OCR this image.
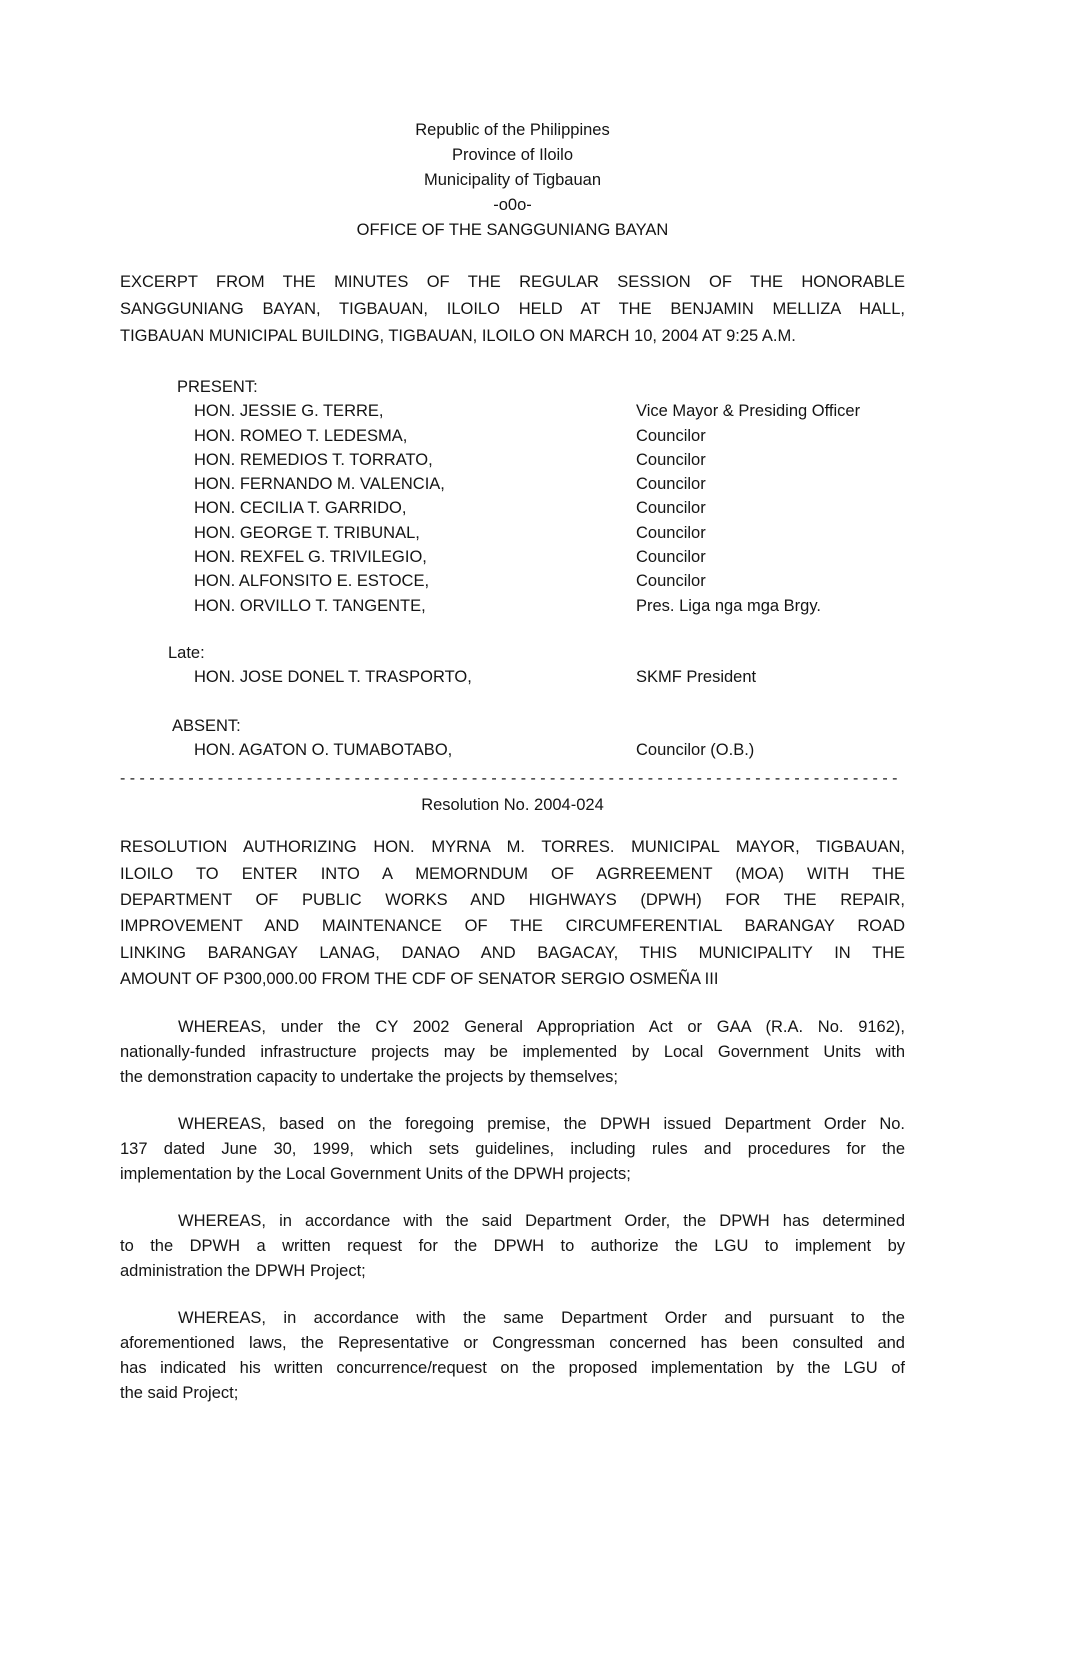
Republic of the Philippines
Province of Iloilo
Municipality of Tigbauan
-o0o-
OFFICE OF THE SANGGUNIANG BAYAN

EXCERPT FROM THE MINUTES OF THE REGULAR SESSION OF THE HONORABLE
SANGGUNIANG BAYAN, TIGBAUAN, ILOILO HELD AT THE BENJAMIN MELLIZA HALL,
TIGBAUAN MUNICIPAL BUILDING, TIGBAUAN, ILOILO ON MARCH 10, 2004 AT 9:25 A.M.

PRESENT:
HON. JESSIE G. TERRE,	Vice Mayor & Presiding Officer
HON. ROMEO T. LEDESMA,	Councilor
HON. REMEDIOS T. TORRATO,	Councilor
HON. FERNANDO M. VALENCIA,	Councilor
HON. CECILIA T. GARRIDO,	Councilor
HON. GEORGE T. TRIBUNAL,	Councilor
HON. REXFEL G. TRIVILEGIO,	Councilor
HON. ALFONSITO E. ESTOCE,	Councilor
HON. ORVILLO T. TANGENTE,	Pres. Liga nga mga Brgy.
Late:
HON. JOSE DONEL T. TRASPORTO,	SKMF President
ABSENT:
HON. AGATON O. TUMABOTABO,	Councilor (O.B.)
- - - - - - - - - - - - - - - - - - - - - - - - - - - - - - - - - - - - - - - - - - - - - - - - - - - - - - - - - - - - - - - - - - - - - - - - - - - - - - - -
Resolution No. 2004-024

RESOLUTION AUTHORIZING HON. MYRNA M. TORRES. MUNICIPAL MAYOR, TIGBAUAN,
ILOILO TO ENTER INTO A MEMORNDUM OF AGRREEMENT (MOA) WITH THE
DEPARTMENT OF PUBLIC WORKS AND HIGHWAYS (DPWH) FOR THE REPAIR,
IMPROVEMENT AND MAINTENANCE OF THE CIRCUMFERENTIAL BARANGAY ROAD
LINKING BARANGAY LANAG, DANAO AND BAGACAY, THIS MUNICIPALITY IN THE
AMOUNT OF P300,000.00 FROM THE CDF OF SENATOR SERGIO OSMEÑA III

WHEREAS, under the CY 2002 General Appropriation Act or GAA (R.A. No. 9162),
nationally-funded infrastructure projects may be implemented by Local Government Units with
the demonstration capacity to undertake the projects by themselves;

WHEREAS, based on the foregoing premise, the DPWH issued Department Order No.
137 dated June 30, 1999, which sets guidelines, including rules and procedures for the
implementation by the Local Government Units of the DPWH projects;

WHEREAS, in accordance with the said Department Order, the DPWH has determined
to the DPWH a written request for the DPWH to authorize the LGU to implement by
administration the DPWH Project;

WHEREAS, in accordance with the same Department Order and pursuant to the
aforementioned laws, the Representative or Congressman concerned has been consulted and
has indicated his written concurrence/request on the proposed implementation by the LGU of
the said Project;
